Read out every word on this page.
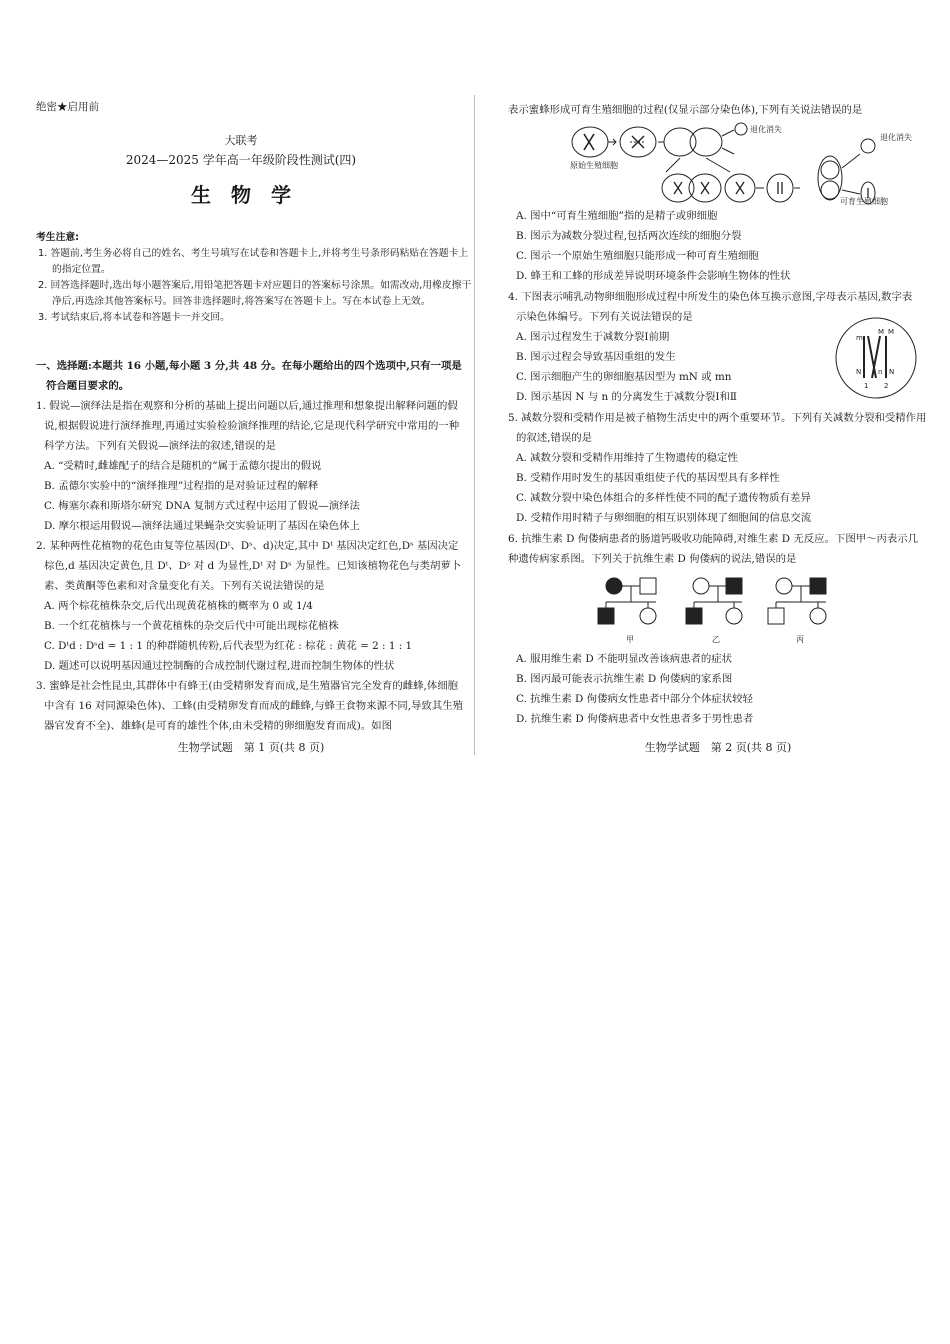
绝密★启用前
大联考
2024—2025 学年高一年级阶段性测试(四)
生　物　学
考生注意:
1. 答题前,考生务必将自己的姓名、考生号填写在试卷和答题卡上,并将考生号条形码粘贴在答题卡上的指定位置。
2. 回答选择题时,选出每小题答案后,用铅笔把答题卡对应题目的答案标号涂黑。如需改动,用橡皮擦干净后,再选涂其他答案标号。回答非选择题时,将答案写在答题卡上。写在本试卷上无效。
3. 考试结束后,将本试卷和答题卡一并交回。
一、选择题:本题共 16 小题,每小题 3 分,共 48 分。在每小题给出的四个选项中,只有一项是符合题目要求的。
1. 假说—演绎法是指在观察和分析的基础上提出问题以后,通过推理和想象提出解释问题的假说,根据假说进行演绎推理,再通过实验检验演绎推理的结论,它是现代科学研究中常用的一种科学方法。下列有关假说—演绎法的叙述,错误的是
A. “受精时,雌雄配子的结合是随机的”属于孟德尔提出的假说
B. 孟德尔实验中的“演绎推理”过程指的是对验证过程的解释
C. 梅塞尔森和斯塔尔研究 DNA 复制方式过程中运用了假说—演绎法
D. 摩尔根运用假说—演绎法通过果蝇杂交实验证明了基因在染色体上
2. 某种两性花植物的花色由复等位基因(Dᵗ、Dˢ、d)决定,其中 Dᵗ 基因决定红色,Dˢ 基因决定棕色,d 基因决定黄色,且 Dᵗ、Dˢ 对 d 为显性,Dᵗ 对 Dˢ 为显性。已知该植物花色与类胡萝卜素、类黄酮等色素和对含量变化有关。下列有关说法错误的是
A. 两个棕花植株杂交,后代出现黄花植株的概率为 0 或 1/4
B. 一个红花植株与一个黄花植株的杂交后代中可能出现棕花植株
C. Dᵗd : Dˢd = 1 : 1 的种群随机传粉,后代表型为红花 : 棕花 : 黄花 = 2 : 1 : 1
D. 题述可以说明基因通过控制酶的合成控制代谢过程,进而控制生物体的性状
3. 蜜蜂是社会性昆虫,其群体中有蜂王(由受精卵发育而成,是生殖器官完全发育的雌蜂,体细胞中含有 16 对同源染色体)、工蜂(由受精卵发育而成的雌蜂,与蜂王食物来源不同,导致其生殖器官发育不全)、雄蜂(是可育的雄性个体,由未受精的卵细胞发育而成)。如图
生物学试题　第 1 页(共 8 页)
表示蜜蜂形成可育生殖细胞的过程(仅显示部分染色体),下列有关说法错误的是
退化消失
退化消失
原始生殖细胞
可育生殖细胞
A. 图中“可育生殖细胞”指的是精子或卵细胞
B. 图示为减数分裂过程,包括两次连续的细胞分裂
C. 图示一个原始生殖细胞只能形成一种可育生殖细胞
D. 蜂王和工蜂的形成差异说明环境条件会影响生物体的性状
4. 下图表示哺乳动物卵细胞形成过程中所发生的染色体互换示意图,字母表示基因,数字表示染色体编号。下列有关说法错误的是
A. 图示过程发生于减数分裂Ⅰ前期
B. 图示过程会导致基因重组的发生
C. 图示细胞产生的卵细胞基因型为 mN 或 mn
D. 图示基因 N 与 n 的分离发生于减数分裂Ⅰ和Ⅱ
m
M M
N n N
1 2
5. 减数分裂和受精作用是被子植物生活史中的两个重要环节。下列有关减数分裂和受精作用的叙述,错误的是
A. 减数分裂和受精作用维持了生物遗传的稳定性
B. 受精作用时发生的基因重组使子代的基因型具有多样性
C. 减数分裂中染色体组合的多样性使不同的配子遗传物质有差异
D. 受精作用时精子与卵细胞的相互识别体现了细胞间的信息交流
6. 抗维生素 D 佝偻病患者的肠道钙吸收功能障碍,对维生素 D 无反应。下图甲～丙表示几种遗传病家系图。下列关于抗维生素 D 佝偻病的说法,错误的是
甲	乙	丙
A. 服用维生素 D 不能明显改善该病患者的症状
B. 图丙最可能表示抗维生素 D 佝偻病的家系图
C. 抗维生素 D 佝偻病女性患者中部分个体症状较轻
D. 抗维生素 D 佝偻病患者中女性患者多于男性患者
生物学试题　第 2 页(共 8 页)
